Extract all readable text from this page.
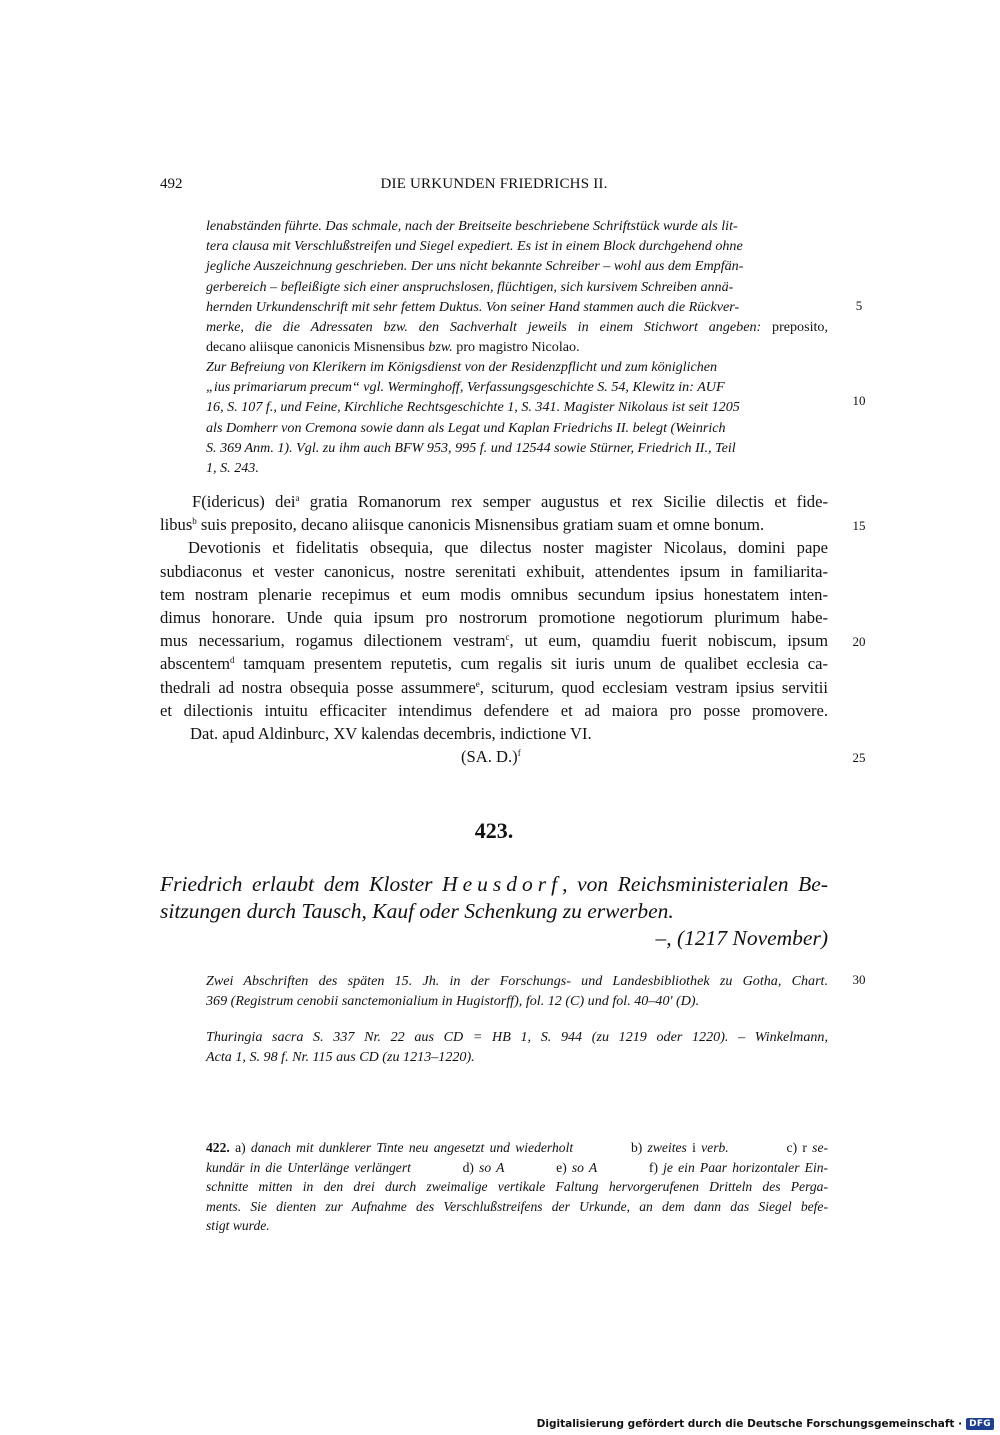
492	DIE URKUNDEN FRIEDRICHS II.
lenabständen führte. Das schmale, nach der Breitseite beschriebene Schriftstück wurde als lit-
tera clausa mit Verschlußstreifen und Siegel expediert. Es ist in einem Block durchgehend ohne
jegliche Auszeichnung geschrieben. Der uns nicht bekannte Schreiber – wohl aus dem Empfän-
gerbereich – befleißigte sich einer anspruchslosen, flüchtigen, sich kursivem Schreiben annä-
hernden Urkundenschrift mit sehr fettem Duktus. Von seiner Hand stammen auch die Rückver-
merke, die die Adressaten bzw. den Sachverhalt jeweils in einem Stichwort angeben: preposito,
decano aliisque canonicis Misnensibus bzw. pro magistro Nicolao.
Zur Befreiung von Klerikern im Königsdienst von der Residenzpflicht und zum königlichen
„ius primariarum precum“ vgl. Werminghoff, Verfassungsgeschichte S. 54, Klewitz in: AUF
16, S. 107 f., und Feine, Kirchliche Rechtsgeschichte 1, S. 341. Magister Nikolaus ist seit 1205
als Domherr von Cremona sowie dann als Legat und Kaplan Friedrichs II. belegt (Weinrich
S. 369 Anm. 1). Vgl. zu ihm auch BFW 953, 995 f. und 12544 sowie Stürner, Friedrich II., Teil
1, S. 243.
5
10
15
20
25
30
F(idericus) dei$^a$ gratia Romanorum rex semper augustus et rex Sicilie dilectis et fide-
libus$^b$ suis preposito, decano aliisque canonicis Misnensibus gratiam suam et omne bonum.
Devotionis et fidelitatis obsequia, que dilectus noster magister Nicolaus, domini pape
subdiaconus et vester canonicus, nostre serenitati exhibuit, attendentes ipsum in familiarita-
tem nostram plenarie recepimus et eum modis omnibus secundum ipsius honestatem inten-
dimus honorare. Unde quia ipsum pro nostrorum promotione negotiorum plurimum habe-
mus necessarium, rogamus dilectionem vestram$^c$, ut eum, quamdiu fuerit nobiscum, ipsum
abscentem$^d$ tamquam presentem reputetis, cum regalis sit iuris unum de qualibet ecclesia ca-
thedrali ad nostra obsequia posse assummere$^e$, sciturum, quod ecclesiam vestram ipsius servitii
et dilectionis intuitu efficaciter intendimus defendere et ad maiora pro posse promovere.
Dat. apud Aldinburc, XV kalendas decembris, indictione VI.
(SA. D.)$^f$
423.
Friedrich erlaubt dem Kloster Heusdorf, von Reichsministerialen Be-
sitzungen durch Tausch, Kauf oder Schenkung zu erwerben.
–, (1217 November)
Zwei Abschriften des späten 15. Jh. in der Forschungs- und Landesbibliothek zu Gotha, Chart.
369 (Registrum cenobii sanctemonialium in Hugistorff), fol. 12 (C) und fol. 40–40' (D).
Thuringia sacra S. 337 Nr. 22 aus CD = HB 1, S. 944 (zu 1219 oder 1220). – Winkelmann,
Acta 1, S. 98 f. Nr. 115 aus CD (zu 1213–1220).
422. a) danach mit dunklerer Tinte neu angesetzt und wiederholt	b) zweites i verb.	c) r se-
kundär in die Unterlänge verlängert	d) so A	e) so A	f) je ein Paar horizontaler Ein-
schnitte mitten in den drei durch zweimalige vertikale Faltung hervorgerufenen Dritteln des Perga-
ments. Sie dienten zur Aufnahme des Verschlußstreifens der Urkunde, an dem dann das Siegel befe-
stigt wurde.
Digitalisierung gefördert durch die Deutsche Forschungsgemeinschaft · DFG
